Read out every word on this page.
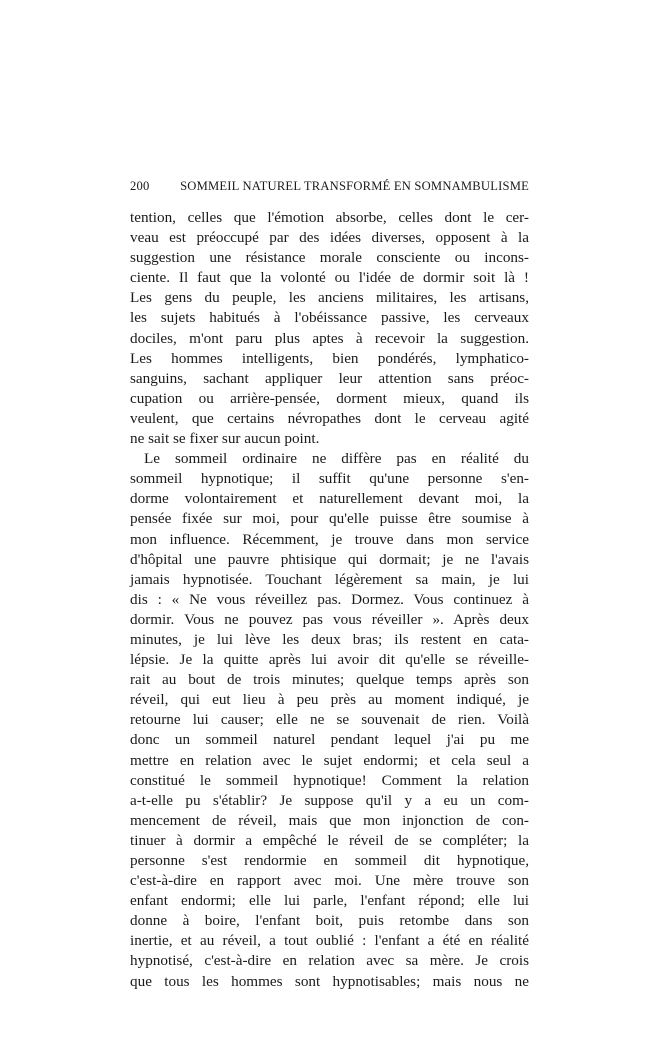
200 SOMMEIL NATUREL TRANSFORMÉ EN SOMNAMBULISME
tention, celles que l'émotion absorbe, celles dont le cer-
veau est préoccupé par des idées diverses, opposent à la
suggestion une résistance morale consciente ou incons-
ciente. Il faut que la volonté ou l'idée de dormir soit là !
Les gens du peuple, les anciens militaires, les artisans,
les sujets habitués à l'obéissance passive, les cerveaux
dociles, m'ont paru plus aptes à recevoir la suggestion.
Les hommes intelligents, bien pondérés, lymphatico-
sanguins, sachant appliquer leur attention sans préoc-
cupation ou arrière-pensée, dorment mieux, quand ils
veulent, que certains névropathes dont le cerveau agité
ne sait se fixer sur aucun point.
Le sommeil ordinaire ne diffère pas en réalité du
sommeil hypnotique; il suffit qu'une personne s'en-
dorme volontairement et naturellement devant moi, la
pensée fixée sur moi, pour qu'elle puisse être soumise à
mon influence. Récemment, je trouve dans mon service
d'hôpital une pauvre phtisique qui dormait; je ne l'avais
jamais hypnotisée. Touchant légèrement sa main, je lui
dis : « Ne vous réveillez pas. Dormez. Vous continuez à
dormir. Vous ne pouvez pas vous réveiller ». Après deux
minutes, je lui lève les deux bras; ils restent en cata-
lépsie. Je la quitte après lui avoir dit qu'elle se réveille-
rait au bout de trois minutes; quelque temps après son
réveil, qui eut lieu à peu près au moment indiqué, je
retourne lui causer; elle ne se souvenait de rien. Voilà
donc un sommeil naturel pendant lequel j'ai pu me
mettre en relation avec le sujet endormi; et cela seul a
constitué le sommeil hypnotique! Comment la relation
a-t-elle pu s'établir? Je suppose qu'il y a eu un com-
mencement de réveil, mais que mon injonction de con-
tinuer à dormir a empêché le réveil de se compléter; la
personne s'est rendormie en sommeil dit hypnotique,
c'est-à-dire en rapport avec moi. Une mère trouve son
enfant endormi; elle lui parle, l'enfant répond; elle lui
donne à boire, l'enfant boit, puis retombe dans son
inertie, et au réveil, a tout oublié : l'enfant a été en réalité
hypnotisé, c'est-à-dire en relation avec sa mère. Je crois
que tous les hommes sont hypnotisables; mais nous ne
